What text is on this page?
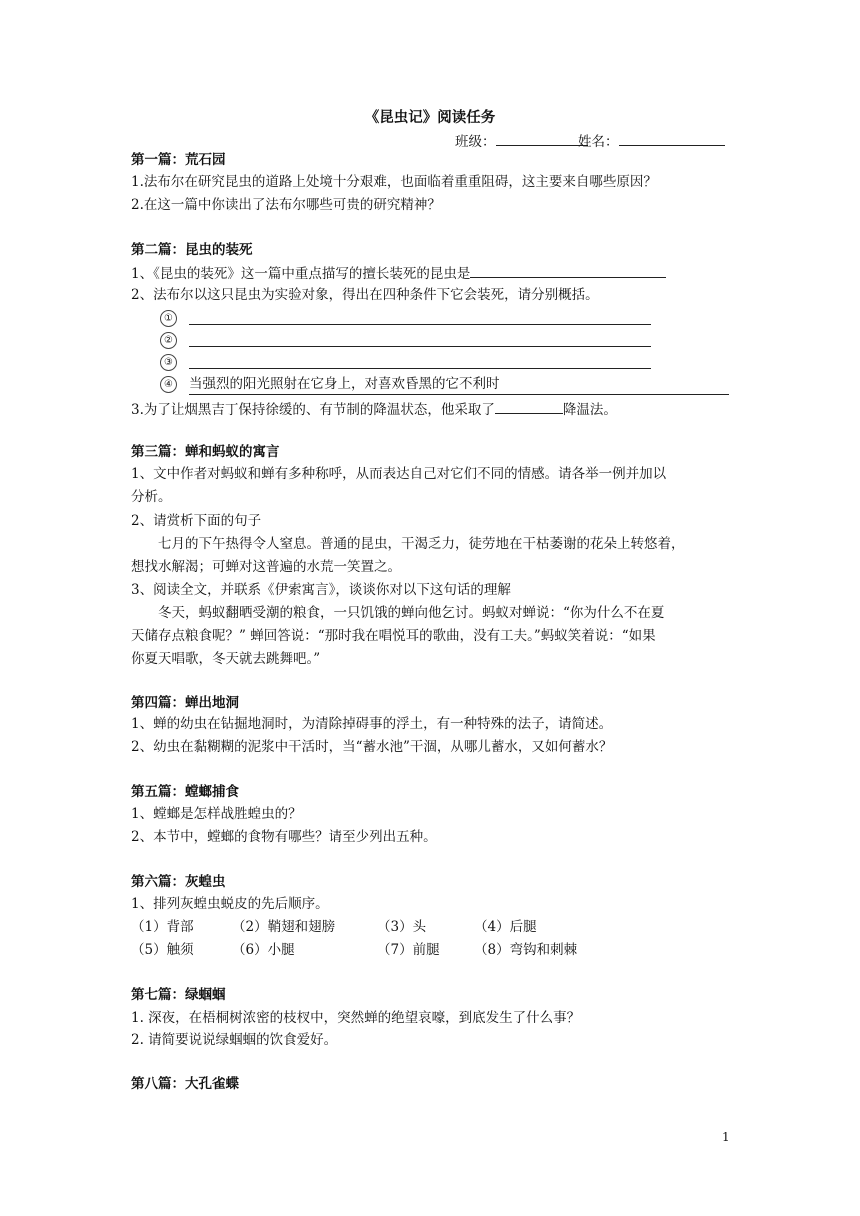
《昆虫记》阅读任务
班级：	姓名：
第一篇：荒石园
1.法布尔在研究昆虫的道路上处境十分艰难，也面临着重重阻碍，这主要来自哪些原因？
2.在这一篇中你读出了法布尔哪些可贵的研究精神？
第二篇：昆虫的装死
1、《昆虫的装死》这一篇中重点描写的擅长装死的昆虫是
2、法布尔以这只昆虫为实验对象，得出在四种条件下它会装死，请分别概括。
①
②
③
④ 当强烈的阳光照射在它身上，对喜欢昏黑的它不利时
3.为了让烟黑吉丁保持徐缓的、有节制的降温状态，他采取了	降温法。
第三篇：蝉和蚂蚁的寓言
1、文中作者对蚂蚁和蝉有多种称呼，从而表达自己对它们不同的情感。请各举一例并加以
分析。
2、请赏析下面的句子
七月的下午热得令人窒息。普通的昆虫，干渴乏力，徒劳地在干枯萎谢的花朵上转悠着，
想找水解渴；可蝉对这普遍的水荒一笑置之。
3、阅读全文，并联系《伊索寓言》，谈谈你对以下这句话的理解
冬天，蚂蚁翻晒受潮的粮食，一只饥饿的蝉向他乞讨。蚂蚁对蝉说：“你为什么不在夏
天储存点粮食呢？” 蝉回答说：“那时我在唱悦耳的歌曲，没有工夫。”蚂蚁笑着说：“如果
你夏天唱歌，冬天就去跳舞吧。”
第四篇：蝉出地洞
1、蝉的幼虫在钻掘地洞时，为清除掉碍事的浮土，有一种特殊的法子，请简述。
2、幼虫在黏糊糊的泥浆中干活时，当“蓄水池”干涸，从哪儿蓄水，又如何蓄水？
第五篇：螳螂捕食
1、螳螂是怎样战胜蝗虫的？
2、本节中，螳螂的食物有哪些？请至少列出五种。
第六篇：灰蝗虫
1、排列灰蝗虫蜕皮的先后顺序。
（1）背部	（2）鞘翅和翅膀	（3）头	（4）后腿
（5）触须	（6）小腿	（7）前腿	（8）弯钩和刺棘
第七篇：绿蝈蝈
1. 深夜，在梧桐树浓密的枝杈中，突然蝉的绝望哀嚎，到底发生了什么事？
2. 请简要说说绿蝈蝈的饮食爱好。
第八篇：大孔雀蝶
1
